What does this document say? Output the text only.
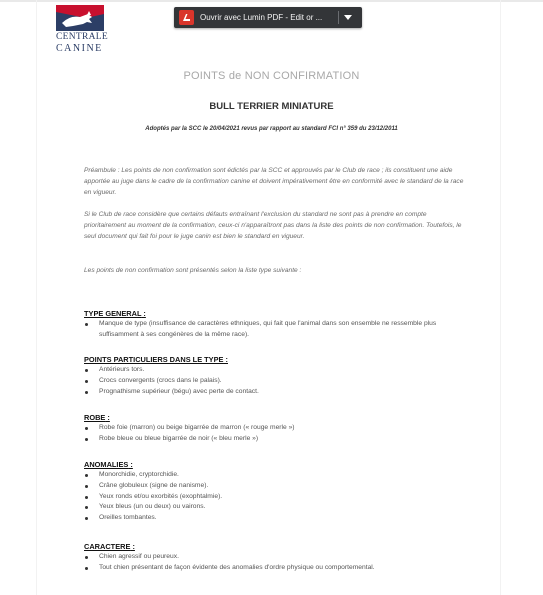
CENTRALE
CANINE
Ouvrir avec Lumin PDF - Edit or ...
POINTS de NON CONFIRMATION
BULL TERRIER MINIATURE
Adoptés par la SCC le 20/04/2021 revus par rapport au standard FCI n° 359 du 23/12/2011
Préambule : Les points de non confirmation sont édictés par la SCC et approuvés par le Club de race ; ils constituent une aide apportée au juge dans le cadre de la confirmation canine et doivent impérativement être en conformité avec le standard de la race en vigueur.
Si le Club de race considère que certains défauts entraînant l'exclusion du standard ne sont pas à prendre en compte prioritairement au moment de la confirmation, ceux-ci n'apparaîtront pas dans la liste des points de non confirmation. Toutefois, le seul document qui fait foi pour le juge canin est bien le standard en vigueur.
Les points de non confirmation sont présentés selon la liste type suivante :
TYPE GENERAL :
Manque de type (insuffisance de caractères ethniques, qui fait que l'animal dans son ensemble ne ressemble plus suffisamment à ses congénères de la même race).
POINTS PARTICULIERS DANS LE TYPE :
Antérieurs tors.
Crocs convergents (crocs dans le palais).
Prognathisme supérieur (bégu) avec perte de contact.
ROBE :
Robe foie (marron) ou beige bigarrée de marron (« rouge merle »)
Robe bleue ou bleue bigarrée de noir (« bleu merle »)
ANOMALIES :
Monorchidie, cryptorchidie.
Crâne globuleux (signe de nanisme).
Yeux ronds et/ou exorbités (exophtalmie).
Yeux bleus (un ou deux) ou vairons.
Oreilles tombantes.
CARACTERE :
Chien agressif ou peureux.
Tout chien présentant de façon évidente des anomalies d'ordre physique ou comportemental.
